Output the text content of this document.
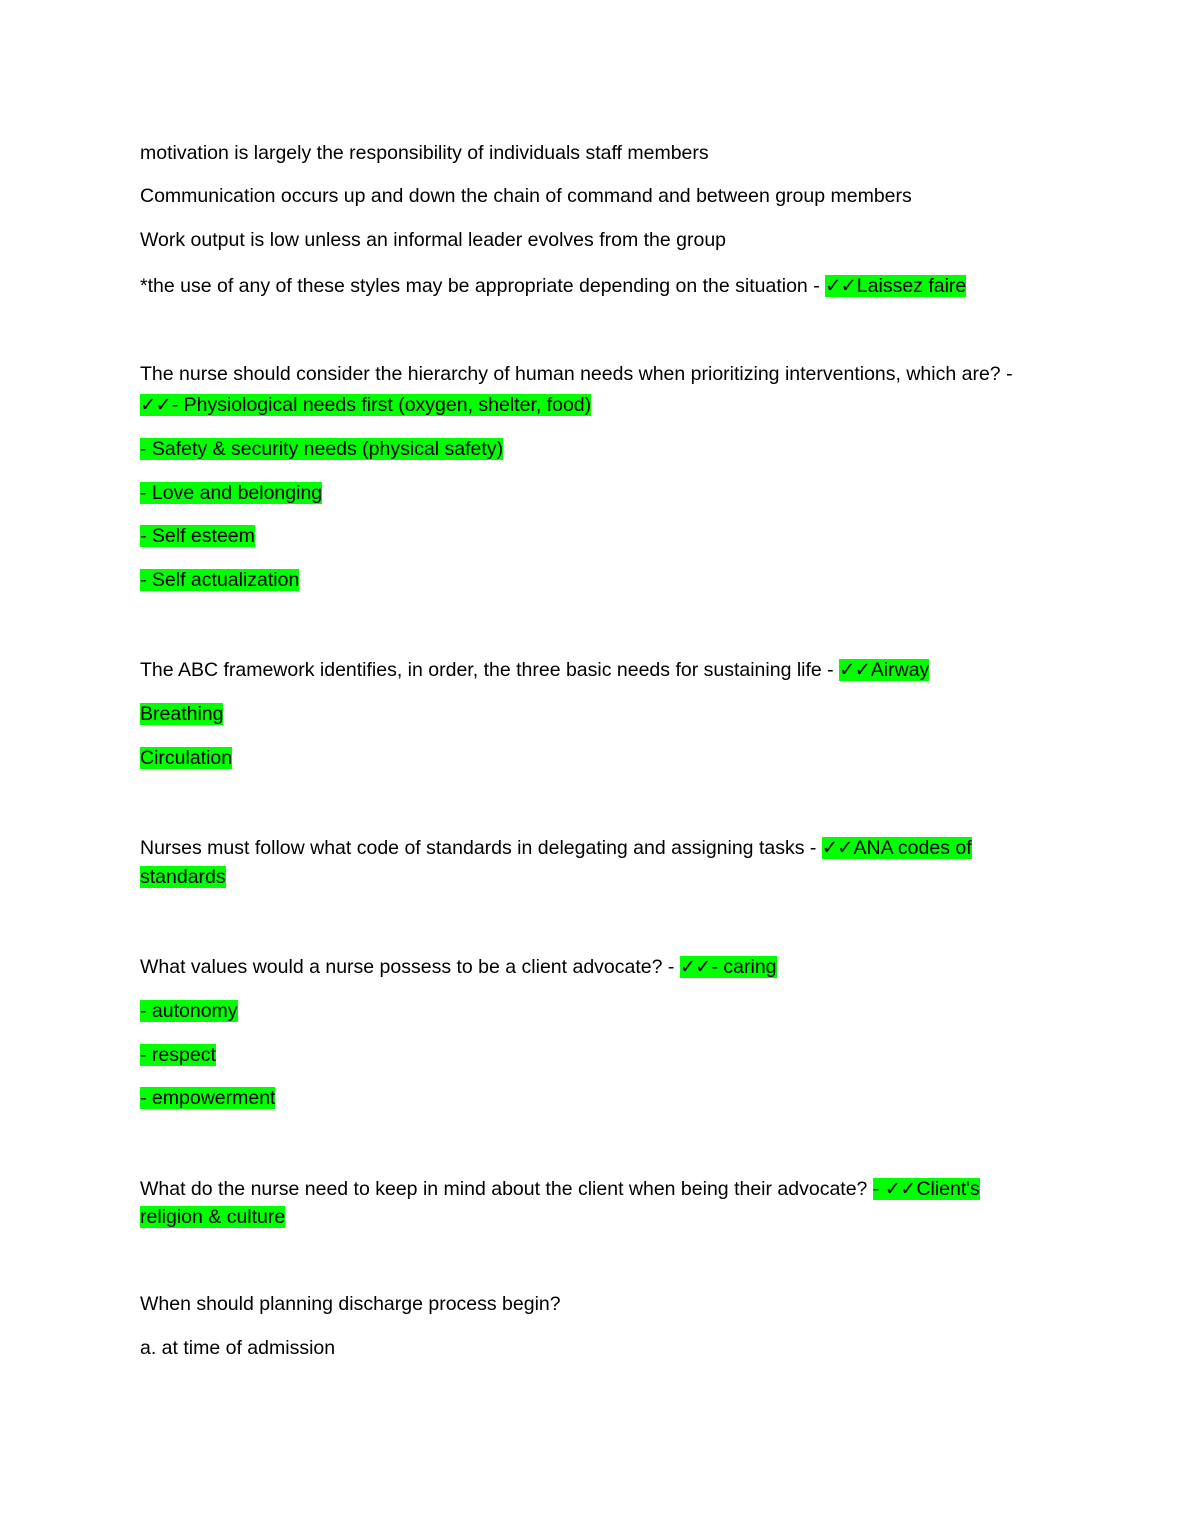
motivation is largely the responsibility of individuals staff members
Communication occurs up and down the chain of command and between group members
Work output is low unless an informal leader evolves from the group
*the use of any of these styles may be appropriate depending on the situation - ✓✓Laissez faire
The nurse should consider the hierarchy of human needs when prioritizing interventions, which are? -
✓✓- Physiological needs first (oxygen, shelter, food)
- Safety & security needs (physical safety)
- Love and belonging
- Self esteem
- Self actualization
The ABC framework identifies, in order, the three basic needs for sustaining life - ✓✓Airway
Breathing
Circulation
Nurses must follow what code of standards in delegating and assigning tasks - ✓✓ANA codes of
standards
What values would a nurse possess to be a client advocate? - ✓✓- caring
- autonomy
- respect
- empowerment
What do the nurse need to keep in mind about the client when being their advocate? - ✓✓Client's
religion & culture
When should planning discharge process begin?
a. at time of admission
